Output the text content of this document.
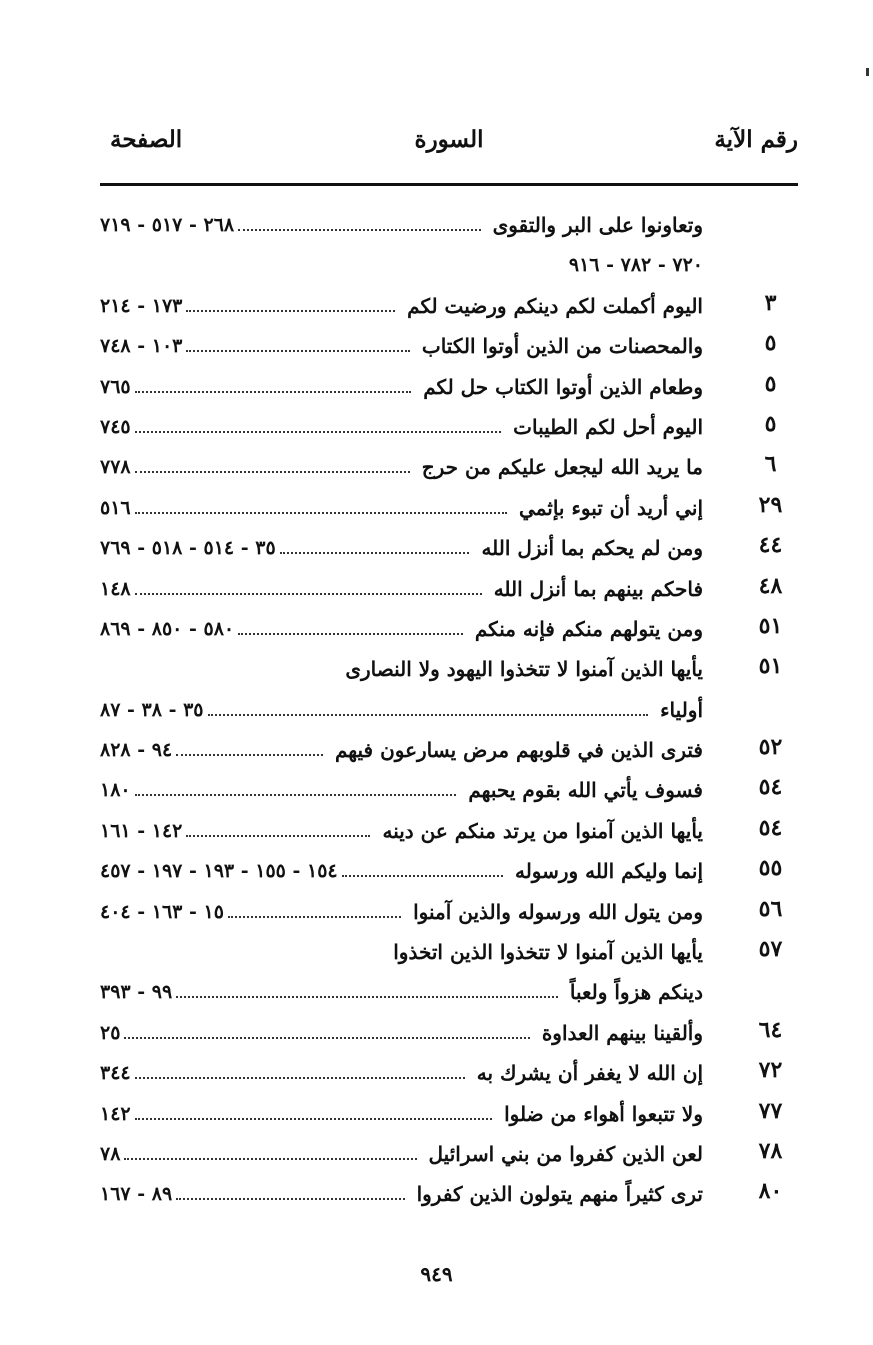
رقم الآية
السورة
الصفحة
وتعاونوا على البر والتقوى
٢٦٨ - ٥١٧ - ٧١٩
٧٢٠ - ٧٨٢ - ٩١٦
٣
اليوم أكملت لكم دينكم ورضيت لكم
١٧٣ - ٢١٤
٥
والمحصنات من الذين أوتوا الكتاب
١٠٣ - ٧٤٨
٥
وطعام الذين أوتوا الكتاب حل لكم
٧٦٥
٥
اليوم أحل لكم الطيبات
٧٤٥
٦
ما يريد الله ليجعل عليكم من حرج
٧٧٨
٢٩
إني أريد أن تبوء بإثمي
٥١٦
٤٤
ومن لم يحكم بما أنزل الله
٣٥ - ٥١٤ - ٥١٨ - ٧٦٩
٤٨
فاحكم بينهم بما أنزل الله
١٤٨
٥١
ومن يتولهم منكم فإنه منكم
٥٨٠ - ٨٥٠ - ٨٦٩
٥١
يأيها الذين آمنوا لا تتخذوا اليهود ولا النصارى
أولياء
٣٥ - ٣٨ - ٨٧
٥٢
فترى الذين في قلوبهم مرض يسارعون فيهم
٩٤ - ٨٢٨
٥٤
فسوف يأتي الله بقوم يحبهم
١٨٠
٥٤
يأيها الذين آمنوا من يرتد منكم عن دينه
١٤٢ - ١٦١
٥٥
إنما وليكم الله ورسوله
١٥٤ - ١٥٥ - ١٩٣ - ١٩٧ - ٤٥٧
٥٦
ومن يتول الله ورسوله والذين آمنوا
١٥ - ١٦٣ - ٤٠٤
٥٧
يأيها الذين آمنوا لا تتخذوا الذين اتخذوا
دينكم هزواً ولعباً
٩٩ - ٣٩٣
٦٤
وألقينا بينهم العداوة
٢٥
٧٢
إن الله لا يغفر أن يشرك به
٣٤٤
٧٧
ولا تتبعوا أهواء من ضلوا
١٤٢
٧٨
لعن الذين كفروا من بني اسرائيل
٧٨
٨٠
ترى كثيراً منهم يتولون الذين كفروا
٨٩ - ١٦٧
٩٤٩
